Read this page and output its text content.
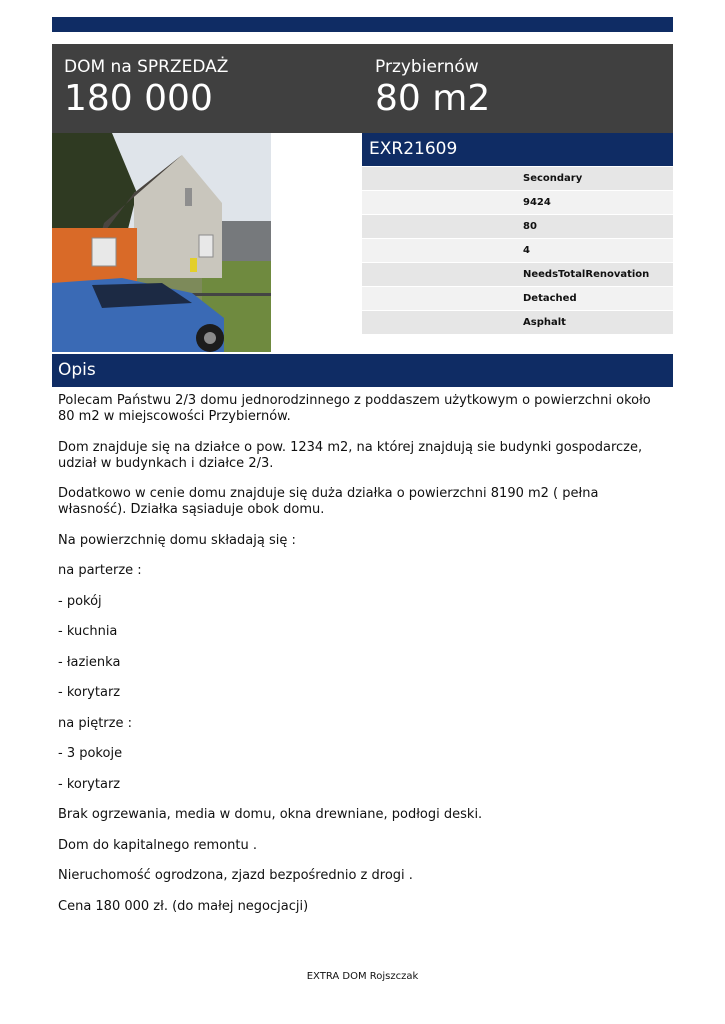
DOM na SPRZEDAŻ
180 000
Przybiernów
80 m2
EXR21609
Secondary
9424
80
4
NeedsTotalRenovation
Detached
Asphalt
Opis

Polecam Państwu 2/3 domu jednorodzinnego z poddaszem użytkowym o powierzchni około 80 m2 w miejscowości Przybiernów.

Dom znajduje się na działce o pow. 1234 m2, na której znajdują sie budynki gospodarcze, udział w budynkach i działce 2/3.

Dodatkowo w cenie domu znajduje się duża działka o powierzchni 8190 m2 ( pełna własność). Działka sąsiaduje obok domu.

Na powierzchnię domu składają się :

na parterze :

- pokój

- kuchnia

- łazienka

- korytarz

na piętrze :

- 3 pokoje

- korytarz

Brak ogrzewania, media w domu, okna drewniane, podłogi deski.

Dom do kapitalnego remontu .

Nieruchomość ogrodzona, zjazd bezpośrednio z drogi .

Cena 180 000 zł. (do małej negocjacji)

EXTRA DOM Rojszczak
